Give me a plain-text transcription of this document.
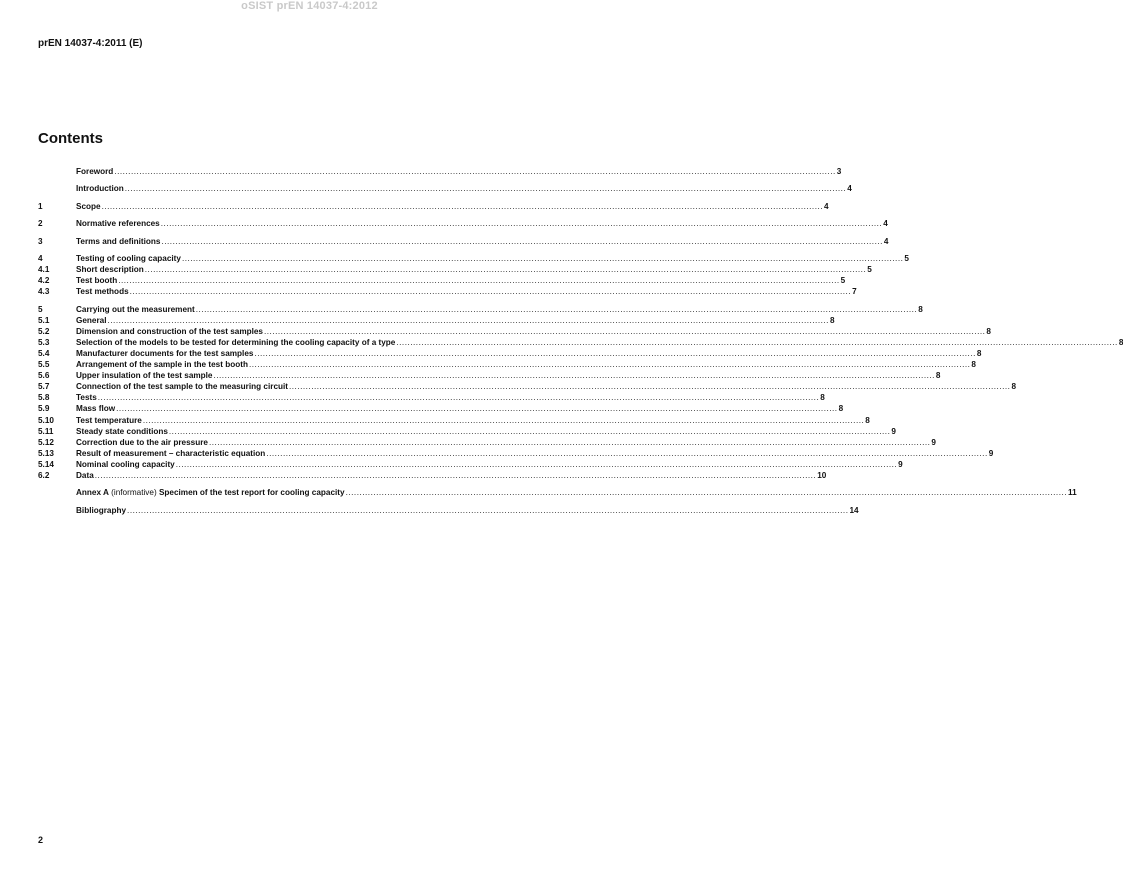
oSIST prEN 14037-4:2012
prEN 14037-4:2011 (E)
Contents
Foreword .....	3
Introduction .....	4
1	Scope .....	4
2	Normative references .....	4
3	Terms and definitions .....	4
4	Testing of cooling capacity .....	5
4.1	Short description .....	5
4.2	Test booth .....	5
4.3	Test methods .....	7
5	Carrying out the measurement .....	8
5.1	General .....	8
5.2	Dimension and construction of the test samples .....	8
5.3	Selection of the models to be tested for determining the cooling capacity of a type .....	8
5.4	Manufacturer documents for the test samples .....	8
5.5	Arrangement of the sample in the test booth .....	8
5.6	Upper insulation of the test sample .....	8
5.7	Connection of the test sample to the measuring circuit .....	8
5.8	Tests .....	8
5.9	Mass flow .....	8
5.10	Test temperature .....	8
5.11	Steady state conditions .....	9
5.12	Correction due to the air pressure .....	9
5.13	Result of measurement – characteristic equation .....	9
5.14	Nominal cooling capacity .....	9
6.2	Data .....	10
Annex A (informative) Specimen of the test report for cooling capacity .....	11
Bibliography .....	14
2
